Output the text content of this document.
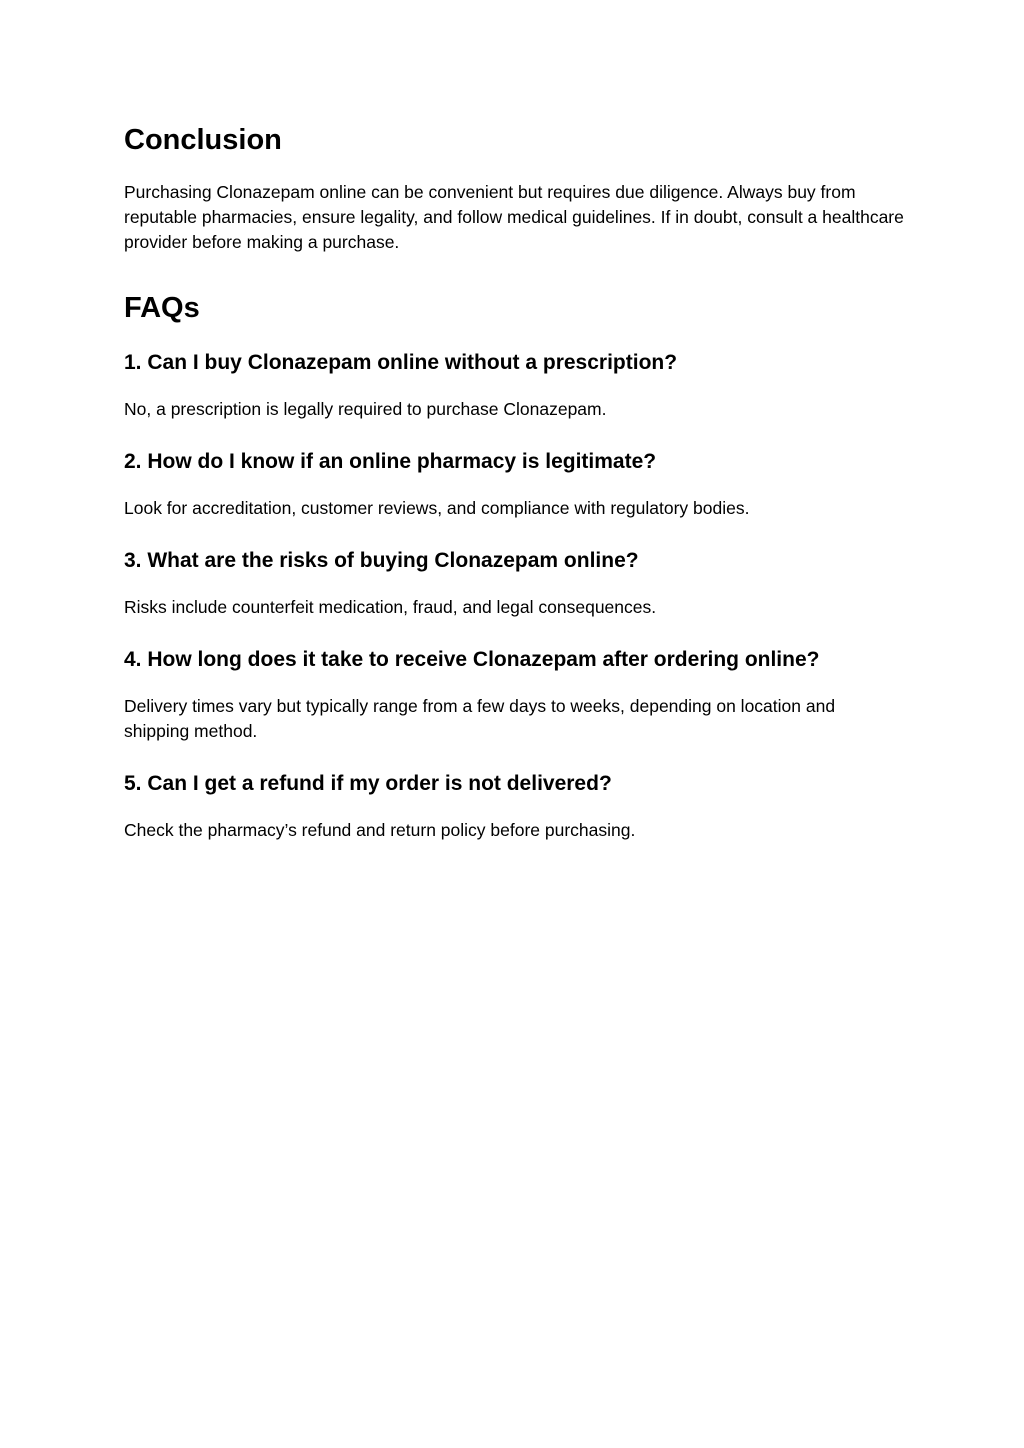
Conclusion

Purchasing Clonazepam online can be convenient but requires due diligence. Always buy from reputable pharmacies, ensure legality, and follow medical guidelines. If in doubt, consult a healthcare provider before making a purchase.

FAQs
1. Can I buy Clonazepam online without a prescription?

No, a prescription is legally required to purchase Clonazepam.

2. How do I know if an online pharmacy is legitimate?

Look for accreditation, customer reviews, and compliance with regulatory bodies.

3. What are the risks of buying Clonazepam online?

Risks include counterfeit medication, fraud, and legal consequences.

4. How long does it take to receive Clonazepam after ordering online?

Delivery times vary but typically range from a few days to weeks, depending on location and shipping method.

5. Can I get a refund if my order is not delivered?

Check the pharmacy’s refund and return policy before purchasing.
